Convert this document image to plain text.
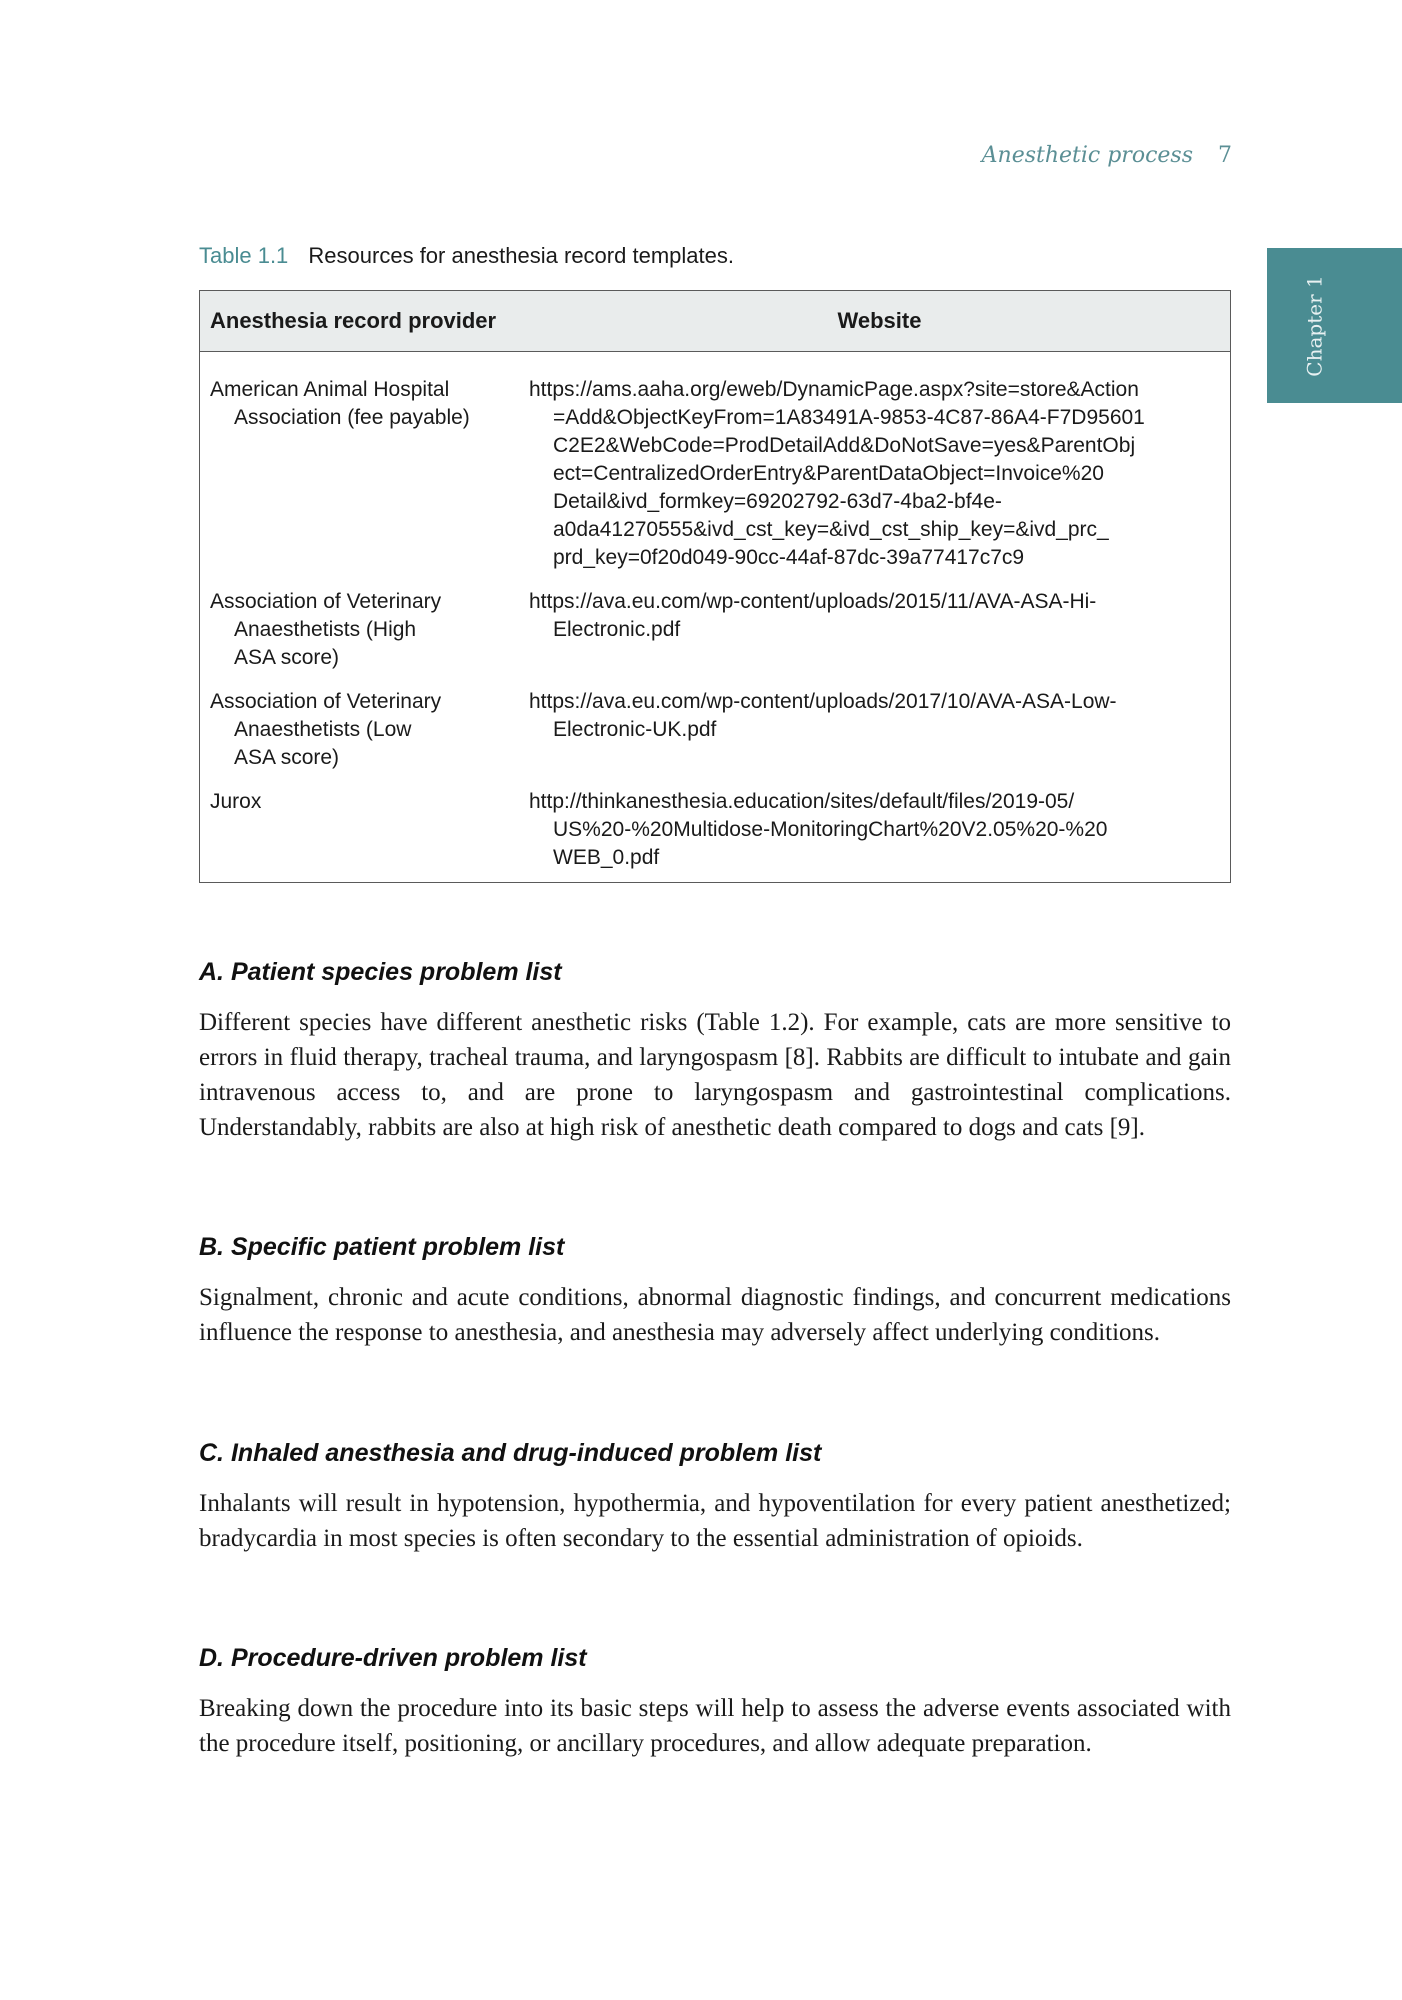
Anesthetic process 7
Chapter 1
Table 1.1 Resources for anesthesia record templates.
Anesthesia record provider	Website
American Animal Hospital
Association (fee payable)
https://ams.aaha.org/eweb/DynamicPage.aspx?site=store&Action
=Add&ObjectKeyFrom=1A83491A-9853-4C87-86A4-F7D95601
C2E2&WebCode=ProdDetailAdd&DoNotSave=yes&ParentObj
ect=CentralizedOrderEntry&ParentDataObject=Invoice%20
Detail&ivd_formkey=69202792-63d7-4ba2-bf4e-
a0da41270555&ivd_cst_key=&ivd_cst_ship_key=&ivd_prc_
prd_key=0f20d049-90cc-44af-87dc-39a77417c7c9
Association of Veterinary
Anaesthetists (High
ASA score)
https://ava.eu.com/wp-content/uploads/2015/11/AVA-ASA-Hi-
Electronic.pdf
Association of Veterinary
Anaesthetists (Low
ASA score)
https://ava.eu.com/wp-content/uploads/2017/10/AVA-ASA-Low-
Electronic-UK.pdf
Jurox	http://thinkanesthesia.education/sites/default/files/2019-05/
US%20-%20Multidose-MonitoringChart%20V2.05%20-%20
WEB_0.pdf
A. Patient species problem list

Different species have different anesthetic risks (Table 1.2). For example, cats are more sensitive to errors in fluid therapy, tracheal trauma, and laryngospasm [8]. Rabbits are difficult to intubate and gain intravenous access to, and are prone to laryngospasm and gastrointestinal complications. Understandably, rabbits are also at high risk of anesthetic death compared to dogs and cats [9].

B. Specific patient problem list

Signalment, chronic and acute conditions, abnormal diagnostic findings, and concurrent medications influence the response to anesthesia, and anesthesia may adversely affect underlying conditions.

C. Inhaled anesthesia and drug-induced problem list

Inhalants will result in hypotension, hypothermia, and hypoventilation for every patient anesthetized; bradycardia in most species is often secondary to the essential administration of opioids.

D. Procedure-driven problem list

Breaking down the procedure into its basic steps will help to assess the adverse events associated with the procedure itself, positioning, or ancillary procedures, and allow adequate preparation.
